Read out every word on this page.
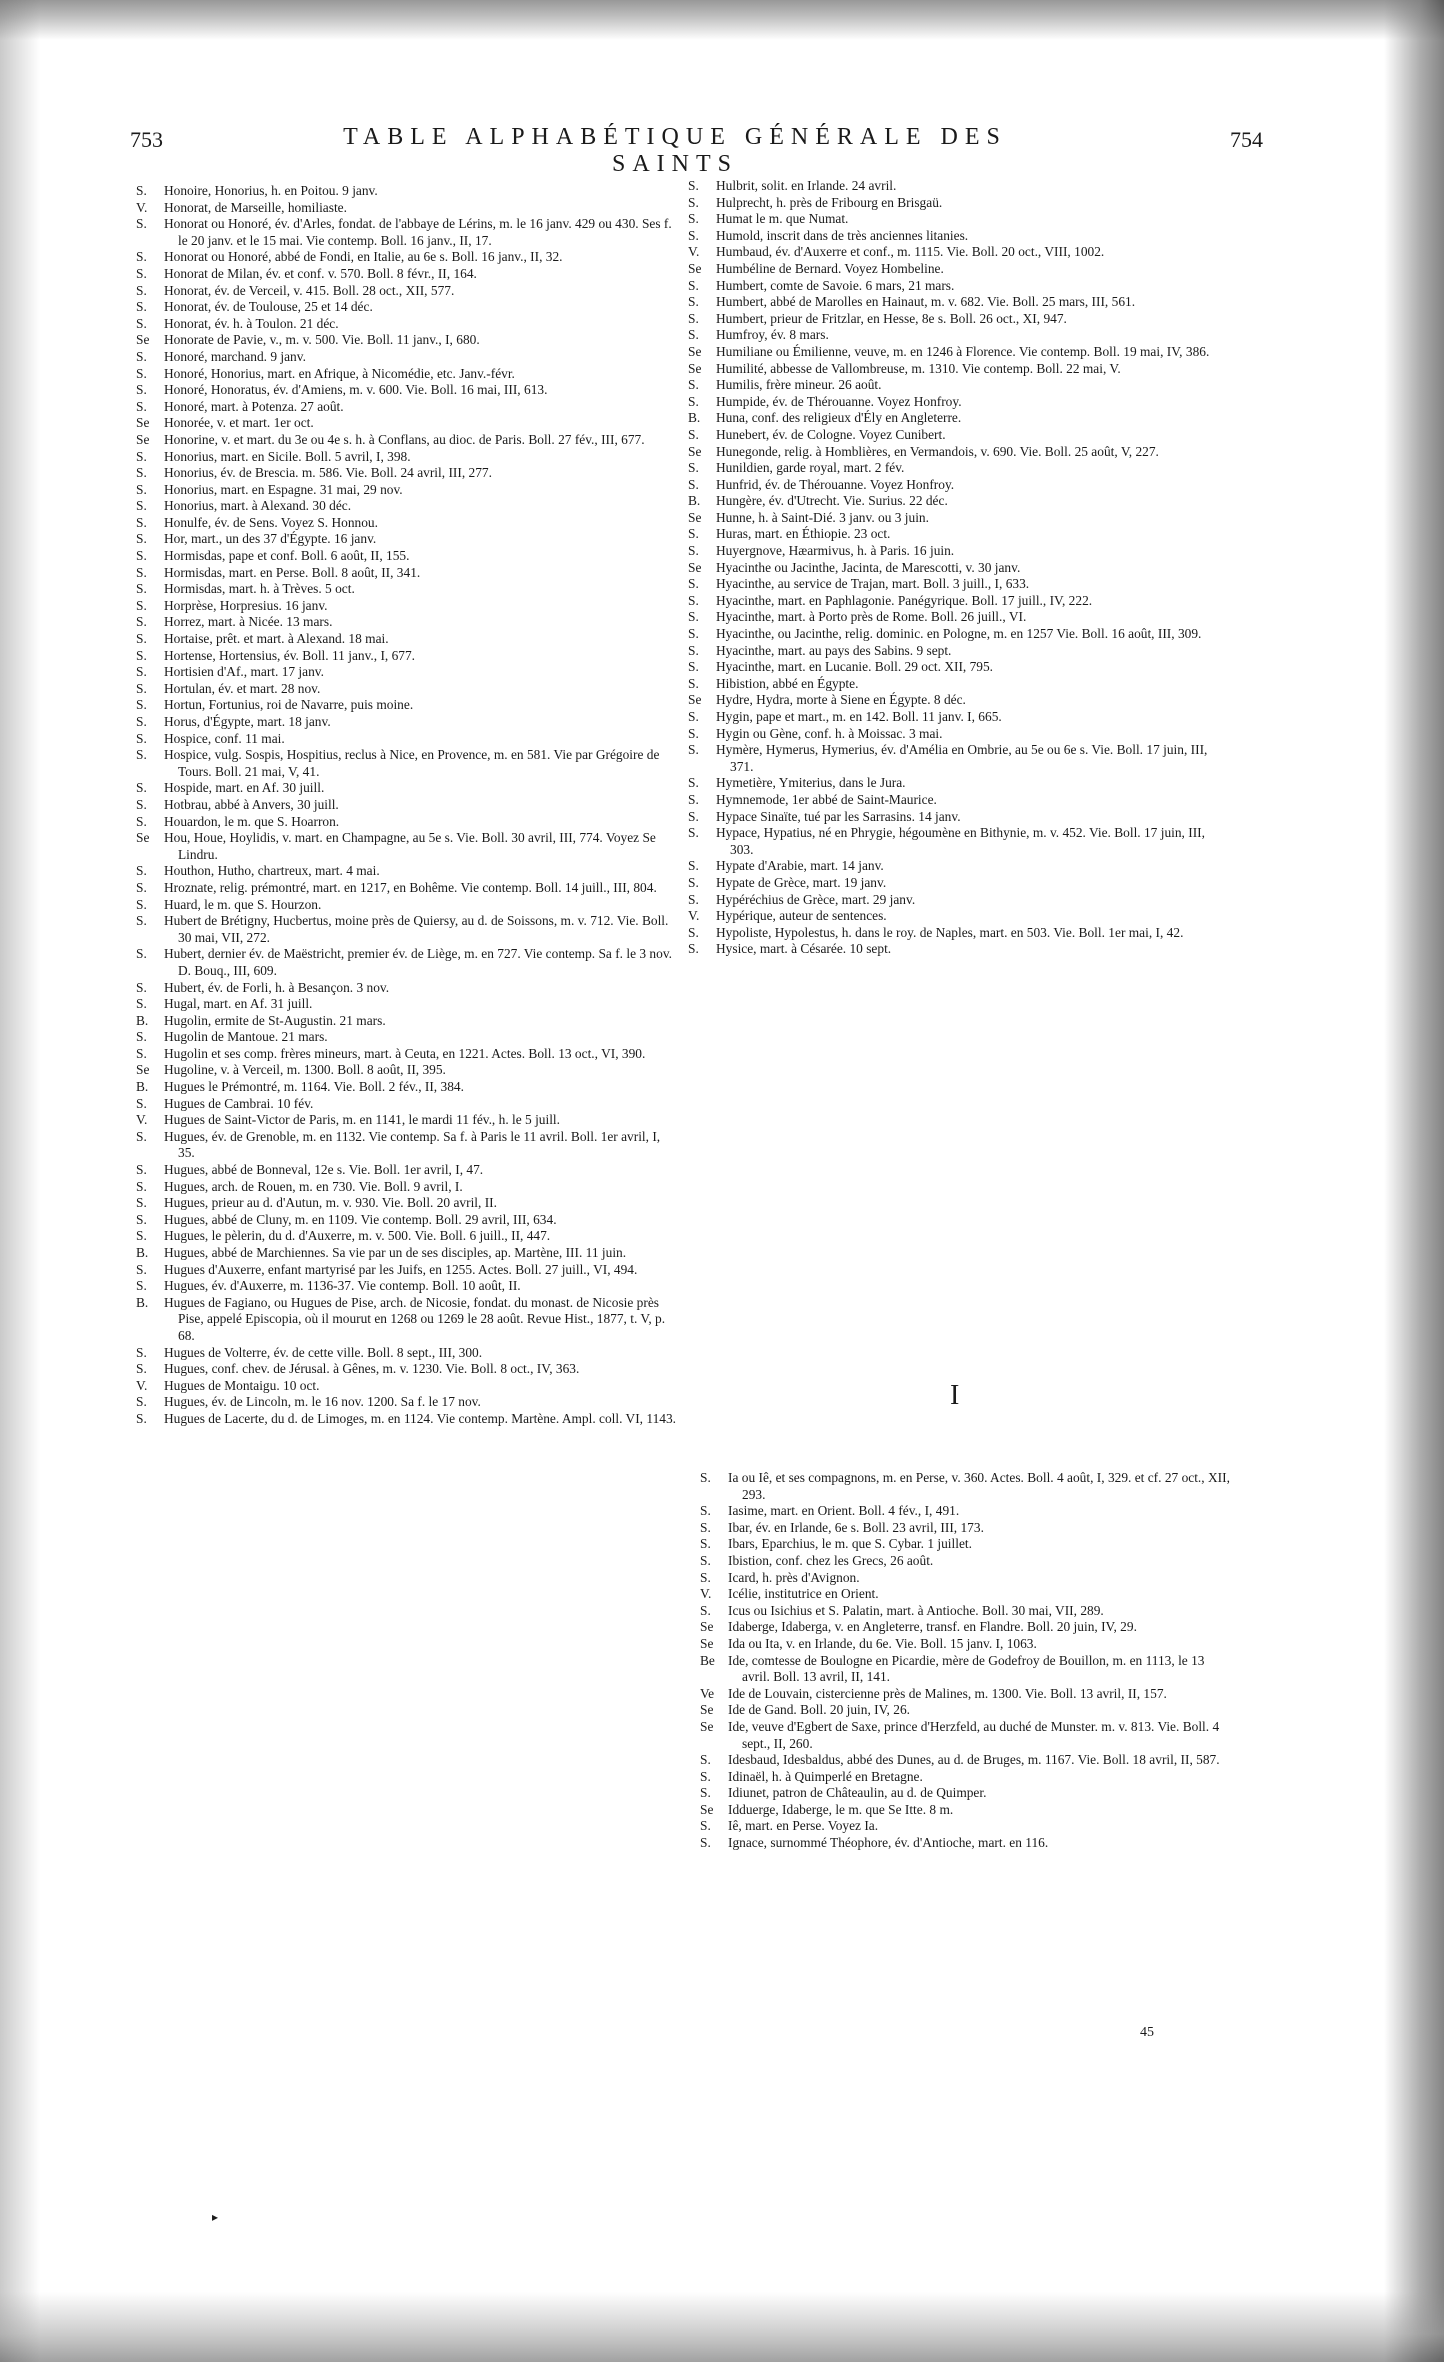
753	TABLE ALPHABÉTIQUE GÉNÉRALE DES SAINTS
754
S.	Honoire, Honorius, h. en Poitou. 9 janv.
V.	Honorat, de Marseille, homiliaste.
S.	Honorat ou Honoré, év. d'Arles, fondat. de l'abbaye de Lérins, m. le 16 janv. 429 ou 430. Ses f. le 20 janv. et le 15 mai. Vie contemp. Boll. 16 janv., II, 17.
S.	Honorat ou Honoré, abbé de Fondi, en Italie, au 6e s. Boll. 16 janv., II, 32.
S.	Honorat de Milan, év. et conf. v. 570. Boll. 8 févr., II, 164.
S.	Honorat, év. de Verceil, v. 415. Boll. 28 oct., XII, 577.
S.	Honorat, év. de Toulouse, 25 et 14 déc.
S.	Honorat, év. h. à Toulon. 21 déc.
Se	Honorate de Pavie, v., m. v. 500. Vie. Boll. 11 janv., I, 680.
S.	Honoré, marchand. 9 janv.
S.	Honoré, Honorius, mart. en Afrique, à Nicomédie, etc. Janv.-févr.
S.	Honoré, Honoratus, év. d'Amiens, m. v. 600. Vie. Boll. 16 mai, III, 613.
S.	Honoré, mart. à Potenza. 27 août.
Se	Honorée, v. et mart. 1er oct.
Se	Honorine, v. et mart. du 3e ou 4e s. h. à Conflans, au dioc. de Paris. Boll. 27 fév., III, 677.
S.	Honorius, mart. en Sicile. Boll. 5 avril, I, 398.
S.	Honorius, év. de Brescia. m. 586. Vie. Boll. 24 avril, III, 277.
S.	Honorius, mart. en Espagne. 31 mai, 29 nov.
S.	Honorius, mart. à Alexand. 30 déc.
S.	Honulfe, év. de Sens. Voyez S. Honnou.
S.	Hor, mart., un des 37 d'Égypte. 16 janv.
S.	Hormisdas, pape et conf. Boll. 6 août, II, 155.
S.	Hormisdas, mart. en Perse. Boll. 8 août, II, 341.
S.	Hormisdas, mart. h. à Trèves. 5 oct.
S.	Horprèse, Horpresius. 16 janv.
S.	Horrez, mart. à Nicée. 13 mars.
S.	Hortaise, prêt. et mart. à Alexand. 18 mai.
S.	Hortense, Hortensius, év. Boll. 11 janv., I, 677.
S.	Hortisien d'Af., mart. 17 janv.
S.	Hortulan, év. et mart. 28 nov.
S.	Hortun, Fortunius, roi de Navarre, puis moine.
S.	Horus, d'Égypte, mart. 18 janv.
S.	Hospice, conf. 11 mai.
S.	Hospice, vulg. Sospis, Hospitius, reclus à Nice, en Provence, m. en 581. Vie par Grégoire de Tours. Boll. 21 mai, V, 41.
S.	Hospide, mart. en Af. 30 juill.
S.	Hotbrau, abbé à Anvers, 30 juill.
S.	Houardon, le m. que S. Hoarron.
Se	Hou, Houe, Hoylidis, v. mart. en Champagne, au 5e s. Vie. Boll. 30 avril, III, 774. Voyez Se Lindru.
S.	Houthon, Hutho, chartreux, mart. 4 mai.
S.	Hroznate, relig. prémontré, mart. en 1217, en Bohême. Vie contemp. Boll. 14 juill., III, 804.
S.	Huard, le m. que S. Hourzon.
S.	Hubert de Brétigny, Hucbertus, moine près de Quiersy, au d. de Soissons, m. v. 712. Vie. Boll. 30 mai, VII, 272.
S.	Hubert, dernier év. de Maëstricht, premier év. de Liège, m. en 727. Vie contemp. Sa f. le 3 nov. D. Bouq., III, 609.
S.	Hubert, év. de Forli, h. à Besançon. 3 nov.
S.	Hugal, mart. en Af. 31 juill.
B.	Hugolin, ermite de St-Augustin. 21 mars.
S.	Hugolin de Mantoue. 21 mars.
S.	Hugolin et ses comp. frères mineurs, mart. à Ceuta, en 1221. Actes. Boll. 13 oct., VI, 390.
Se	Hugoline, v. à Verceil, m. 1300. Boll. 8 août, II, 395.
B.	Hugues le Prémontré, m. 1164. Vie. Boll. 2 fév., II, 384.
S.	Hugues de Cambrai. 10 fév.
V.	Hugues de Saint-Victor de Paris, m. en 1141, le mardi 11 fév., h. le 5 juill.
S.	Hugues, év. de Grenoble, m. en 1132. Vie contemp. Sa f. à Paris le 11 avril. Boll. 1er avril, I, 35.
S.	Hugues, abbé de Bonneval, 12e s. Vie. Boll. 1er avril, I, 47.
S.	Hugues, arch. de Rouen, m. en 730. Vie. Boll. 9 avril, I.
S.	Hugues, prieur au d. d'Autun, m. v. 930. Vie. Boll. 20 avril, II.
S.	Hugues, abbé de Cluny, m. en 1109. Vie contemp. Boll. 29 avril, III, 634.
S.	Hugues, le pèlerin, du d. d'Auxerre, m. v. 500. Vie. Boll. 6 juill., II, 447.
B.	Hugues, abbé de Marchiennes. Sa vie par un de ses disciples, ap. Martène, III. 11 juin.
S.	Hugues d'Auxerre, enfant martyrisé par les Juifs, en 1255. Actes. Boll. 27 juill., VI, 494.
S.	Hugues, év. d'Auxerre, m. 1136-37. Vie contemp. Boll. 10 août, II.
B.	Hugues de Fagiano, ou Hugues de Pise, arch. de Nicosie, fondat. du monast. de Nicosie près Pise, appelé Episcopia, où il mourut en 1268 ou 1269 le 28 août. Revue Hist., 1877, t. V, p. 68.
S.	Hugues de Volterre, év. de cette ville. Boll. 8 sept., III, 300.
S.	Hugues, conf. chev. de Jérusal. à Gênes, m. v. 1230. Vie. Boll. 8 oct., IV, 363.
V.	Hugues de Montaigu. 10 oct.
S.	Hugues, év. de Lincoln, m. le 16 nov. 1200. Sa f. le 17 nov.
S.	Hugues de Lacerte, du d. de Limoges, m. en 1124. Vie contemp. Martène. Ampl. coll. VI, 1143.
S.	Hulbrit, solit. en Irlande. 24 avril.
S.	Hulprecht, h. près de Fribourg en Brisgaü.
S.	Humat le m. que Numat.
S.	Humold, inscrit dans de très anciennes litanies.
V.	Humbaud, év. d'Auxerre et conf., m. 1115. Vie. Boll. 20 oct., VIII, 1002.
Se	Humbéline de Bernard. Voyez Hombeline.
S.	Humbert, comte de Savoie. 6 mars, 21 mars.
S.	Humbert, abbé de Marolles en Hainaut, m. v. 682. Vie. Boll. 25 mars, III, 561.
S.	Humbert, prieur de Fritzlar, en Hesse, 8e s. Boll. 26 oct., XI, 947.
S.	Humfroy, év. 8 mars.
Se	Humiliane ou Émilienne, veuve, m. en 1246 à Florence. Vie contemp. Boll. 19 mai, IV, 386.
Se	Humilité, abbesse de Vallombreuse, m. 1310. Vie contemp. Boll. 22 mai, V.
S.	Humilis, frère mineur. 26 août.
S.	Humpide, év. de Thérouanne. Voyez Honfroy.
B.	Huna, conf. des religieux d'Ély en Angleterre.
S.	Hunebert, év. de Cologne. Voyez Cunibert.
Se	Hunegonde, relig. à Homblières, en Vermandois, v. 690. Vie. Boll. 25 août, V, 227.
S.	Hunildien, garde royal, mart. 2 fév.
S.	Hunfrid, év. de Thérouanne. Voyez Honfroy.
B.	Hungère, év. d'Utrecht. Vie. Surius. 22 déc.
Se	Hunne, h. à Saint-Dié. 3 janv. ou 3 juin.
S.	Huras, mart. en Éthiopie. 23 oct.
S.	Huyergnove, Hæarmivus, h. à Paris. 16 juin.
Se	Hyacinthe ou Jacinthe, Jacinta, de Marescotti, v. 30 janv.
S.	Hyacinthe, au service de Trajan, mart. Boll. 3 juill., I, 633.
S.	Hyacinthe, mart. en Paphlagonie. Panégyrique. Boll. 17 juill., IV, 222.
S.	Hyacinthe, mart. à Porto près de Rome. Boll. 26 juill., VI.
S.	Hyacinthe, ou Jacinthe, relig. dominic. en Pologne, m. en 1257 Vie. Boll. 16 août, III, 309.
S.	Hyacinthe, mart. au pays des Sabins. 9 sept.
S.	Hyacinthe, mart. en Lucanie. Boll. 29 oct. XII, 795.
S.	Hibistion, abbé en Égypte.
Se	Hydre, Hydra, morte à Siene en Égypte. 8 déc.
S.	Hygin, pape et mart., m. en 142. Boll. 11 janv. I, 665.
S.	Hygin ou Gène, conf. h. à Moissac. 3 mai.
S.	Hymère, Hymerus, Hymerius, év. d'Amélia en Ombrie, au 5e ou 6e s. Vie. Boll. 17 juin, III, 371.
S.	Hymetière, Ymiterius, dans le Jura.
S.	Hymnemode, 1er abbé de Saint-Maurice.
S.	Hypace Sinaïte, tué par les Sarrasins. 14 janv.
S.	Hypace, Hypatius, né en Phrygie, hégoumène en Bithynie, m. v. 452. Vie. Boll. 17 juin, III, 303.
S.	Hypate d'Arabie, mart. 14 janv.
S.	Hypate de Grèce, mart. 19 janv.
S.	Hypéréchius de Grèce, mart. 29 janv.
V.	Hypérique, auteur de sentences.
S.	Hypoliste, Hypolestus, h. dans le roy. de Naples, mart. en 503. Vie. Boll. 1er mai, I, 42.
S.	Hysice, mart. à Césarée. 10 sept.
I
S.	Ia ou Iê, et ses compagnons, m. en Perse, v. 360. Actes. Boll. 4 août, I, 329. et cf. 27 oct., XII, 293.
S.	Iasime, mart. en Orient. Boll. 4 fév., I, 491.
S.	Ibar, év. en Irlande, 6e s. Boll. 23 avril, III, 173.
S.	Ibars, Eparchius, le m. que S. Cybar. 1 juillet.
S.	Ibistion, conf. chez les Grecs, 26 août.
S.	Icard, h. près d'Avignon.
V.	Icélie, institutrice en Orient.
S.	Icus ou Isichius et S. Palatin, mart. à Antioche. Boll. 30 mai, VII, 289.
Se	Idaberge, Idaberga, v. en Angleterre, transf. en Flandre. Boll. 20 juin, IV, 29.
Se	Ida ou Ita, v. en Irlande, du 6e. Vie. Boll. 15 janv. I, 1063.
Be Ide, comtesse de Boulogne en Picardie, mère de Godefroy de Bouillon, m. en 1113, le 13 avril. Boll. 13 avril, II, 141.
Ve	Ide de Louvain, cistercienne près de Malines, m. 1300. Vie. Boll. 13 avril, II, 157.
Se	Ide de Gand. Boll. 20 juin, IV, 26.
Se	Ide, veuve d'Egbert de Saxe, prince d'Herzfeld, au duché de Munster. m. v. 813. Vie. Boll. 4 sept., II, 260.
S.	Idesbaud, Idesbaldus, abbé des Dunes, au d. de Bruges, m. 1167. Vie. Boll. 18 avril, II, 587.
S.	Idinaël, h. à Quimperlé en Bretagne.
S.	Idiunet, patron de Châteaulin, au d. de Quimper.
Se	Idduerge, Idaberge, le m. que Se Itte. 8 m.
S.	Iê, mart. en Perse. Voyez Ia.
S.	Ignace, surnommé Théophore, év. d'Antioche, mart. en 116.
45
▸
